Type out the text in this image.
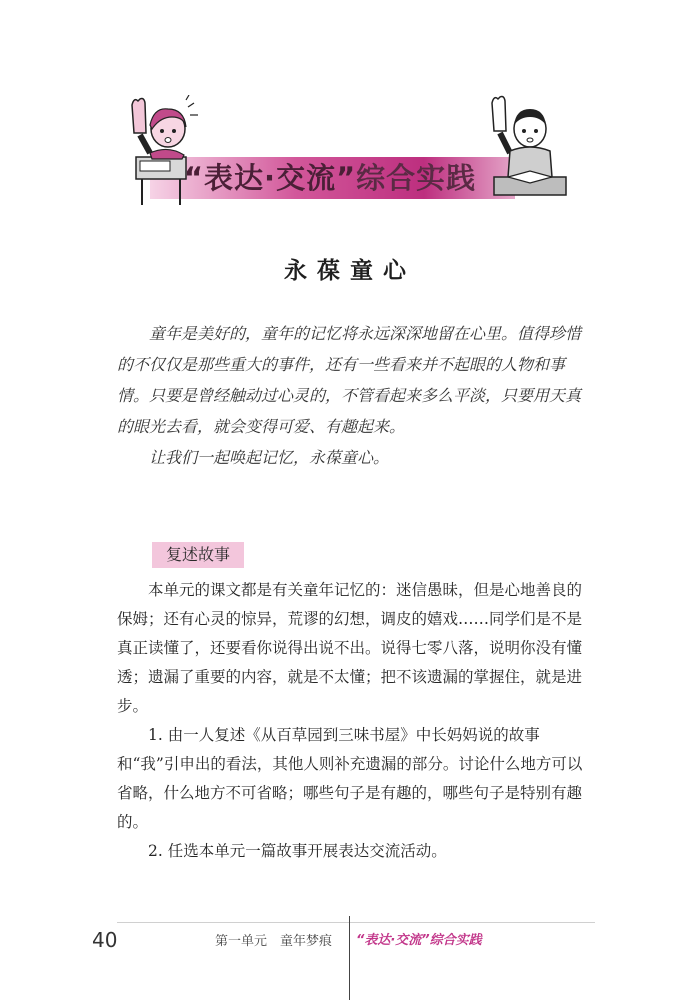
“表达·交流”综合实践
永葆童心

童年是美好的，童年的记忆将永远深深地留在心里。值得珍惜的不仅仅是那些重大的事件，还有一些看来并不起眼的人物和事情。只要是曾经触动过心灵的，不管看起来多么平淡，只要用天真的眼光去看，就会变得可爱、有趣起来。

让我们一起唤起记忆，永葆童心。

复述故事

本单元的课文都是有关童年记忆的：迷信愚昧，但是心地善良的保姆；还有心灵的惊异，荒谬的幻想，调皮的嬉戏……同学们是不是真正读懂了，还要看你说得出说不出。说得七零八落，说明你没有懂透；遗漏了重要的内容，就是不太懂；把不该遗漏的掌握住，就是进步。

1. 由一人复述《从百草园到三味书屋》中长妈妈说的故事和“我”引申出的看法，其他人则补充遗漏的部分。讨论什么地方可以省略，什么地方不可省略；哪些句子是有趣的，哪些句子是特别有趣的。

2. 任选本单元一篇故事开展表达交流活动。

40	第一单元　童年梦痕 “表达·交流”综合实践
